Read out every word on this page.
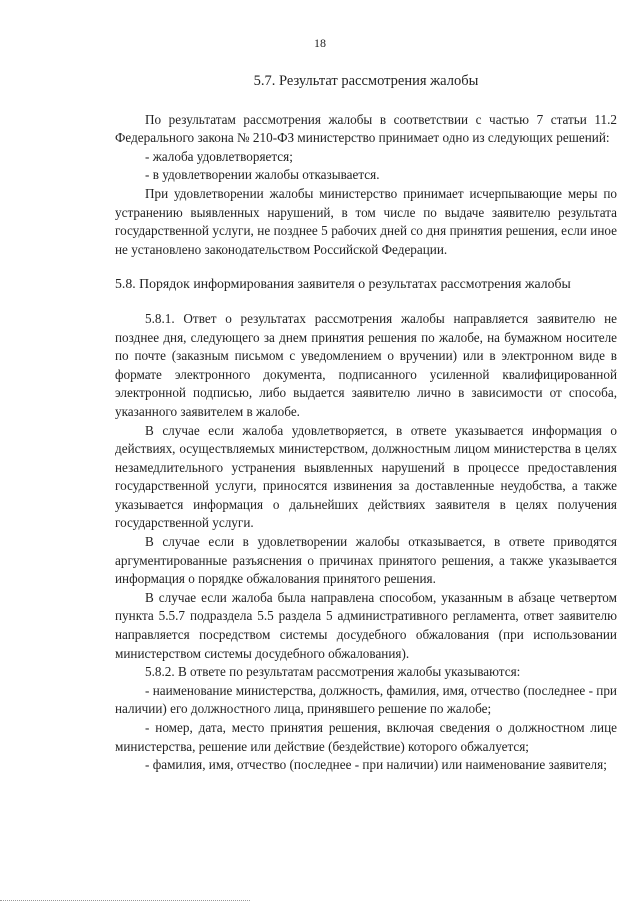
18
5.7. Результат рассмотрения жалобы

По результатам рассмотрения жалобы в соответствии с частью 7 статьи 11.2 Федерального закона № 210-ФЗ министерство принимает одно из следующих решений:

- жалоба удовлетворяется;

- в удовлетворении жалобы отказывается.

При удовлетворении жалобы министерство принимает исчерпывающие меры по устранению выявленных нарушений, в том числе по выдаче заявителю результата государственной услуги, не позднее 5 рабочих дней со дня принятия решения, если иное не установлено законодательством Российской Федерации.

5.8. Порядок информирования заявителя о результатах рассмотрения жалобы

5.8.1. Ответ о результатах рассмотрения жалобы направляется заявителю не позднее дня, следующего за днем принятия решения по жалобе, на бумажном носителе по почте (заказным письмом с уведомлением о вручении) или в электронном виде в формате электронного документа, подписанного усиленной квалифицированной электронной подписью, либо выдается заявителю лично в зависимости от способа, указанного заявителем в жалобе.

В случае если жалоба удовлетворяется, в ответе указывается информация о действиях, осуществляемых министерством, должностным лицом министерства в целях незамедлительного устранения выявленных нарушений в процессе предоставления государственной услуги, приносятся извинения за доставленные неудобства, а также указывается информация о дальнейших действиях заявителя в целях получения государственной услуги.

В случае если в удовлетворении жалобы отказывается, в ответе приводятся аргументированные разъяснения о причинах принятого решения, а также указывается информация о порядке обжалования принятого решения.

В случае если жалоба была направлена способом, указанным в абзаце четвертом пункта 5.5.7 подраздела 5.5 раздела 5 административного регламента, ответ заявителю направляется посредством системы досудебного обжалования (при использовании министерством системы досудебного обжалования).

5.8.2. В ответе по результатам рассмотрения жалобы указываются:

- наименование министерства, должность, фамилия, имя, отчество (последнее - при наличии) его должностного лица, принявшего решение по жалобе;

- номер, дата, место принятия решения, включая сведения о должностном лице министерства, решение или действие (бездействие) которого обжалуется;

- фамилия, имя, отчество (последнее - при наличии) или наименование заявителя;
